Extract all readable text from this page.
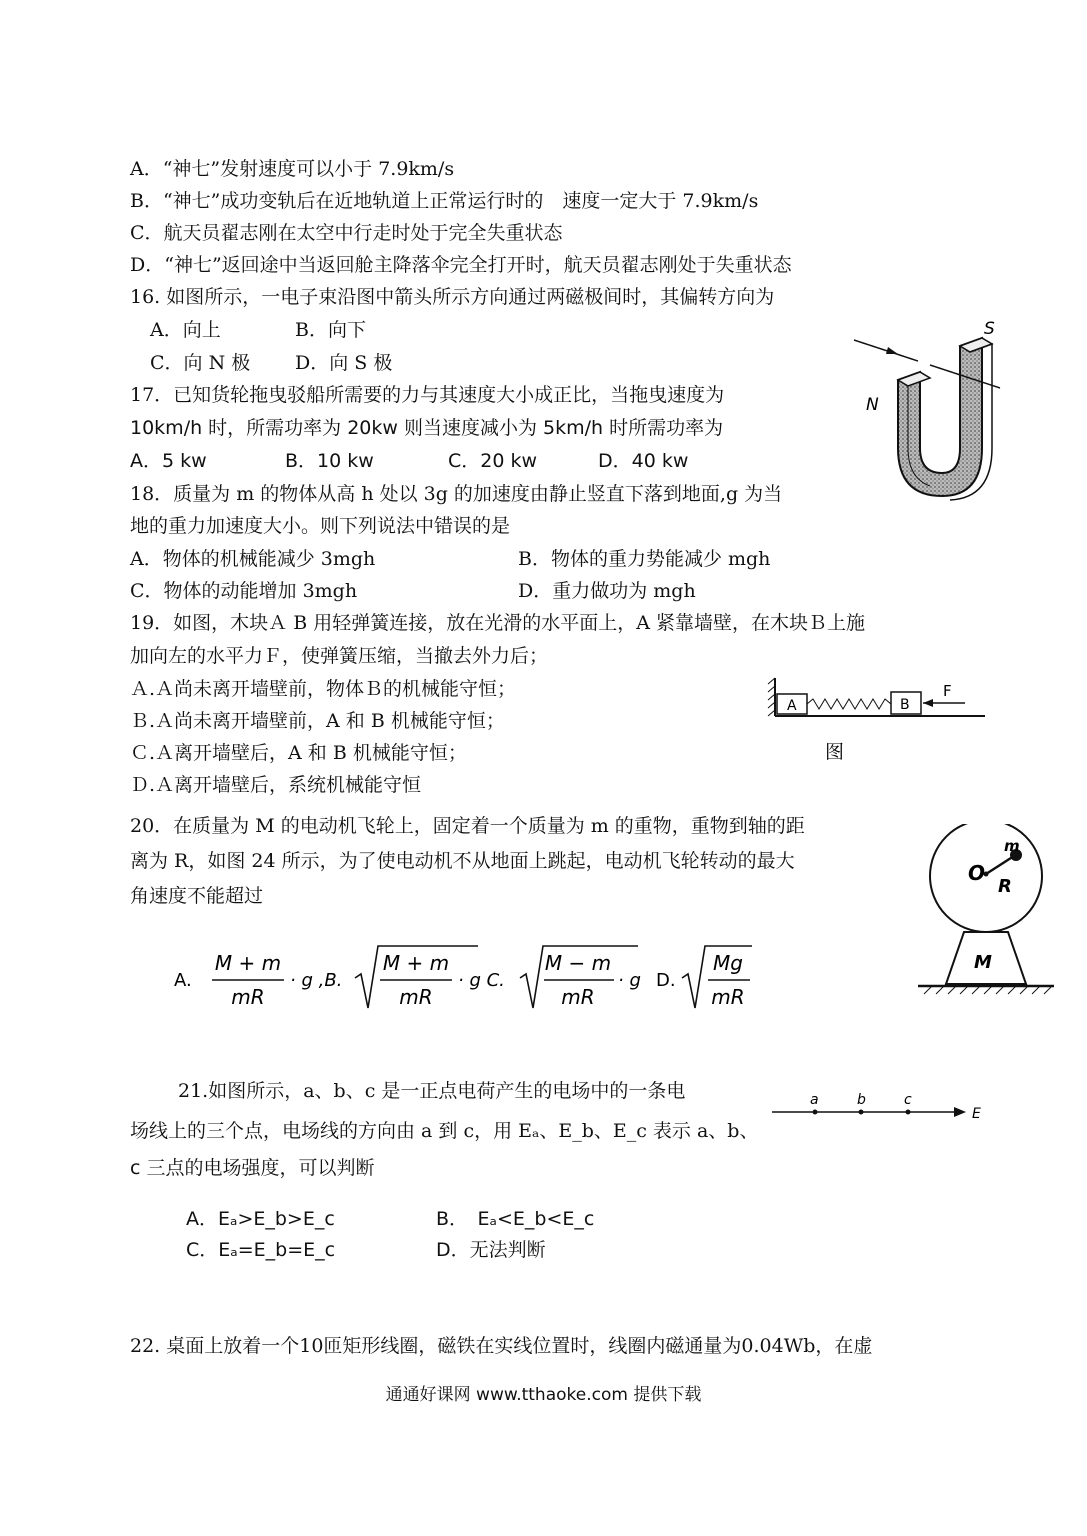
A．“神七”发射速度可以小于 7.9km/s
B．“神七”成功变轨后在近地轨道上正常运行时的　速度一定大于 7.9km/s
C．航天员翟志刚在太空中行走时处于完全失重状态
D．“神七”返回途中当返回舱主降落伞完全打开时，航天员翟志刚处于失重状态
16. 如图所示，一电子束沿图中箭头所示方向通过两磁极间时，其偏转方向为
A．向上	B．向下
C．向 N 极 D．向 S 极
N
S
17．已知货轮拖曳驳船所需要的力与其速度大小成正比，当拖曳速度为
10km/h 时，所需功率为 20kw 则当速度减小为 5km/h 时所需功率为
A．5 kw	B．10 kw	C．20 kw	D．40 kw
18．质量为 m 的物体从高 h 处以 3g 的加速度由静止竖直下落到地面,g 为当
地的重力加速度大小。则下列说法中错误的是
A．物体的机械能减少 3mgh	B．物体的重力势能减少 mgh
C．物体的动能增加 3mgh	D．重力做功为 mgh
19．如图，木块Ａ B 用轻弹簧连接，放在光滑的水平面上，A 紧靠墙壁，在木块Ｂ上施
加向左的水平力Ｆ，使弹簧压缩，当撤去外力后；
Ａ.Ａ尚未离开墙壁前，物体Ｂ的机械能守恒；
Ｂ.Ａ尚未离开墙壁前，A 和 B 机械能守恒；
Ｃ.Ａ离开墙壁后，A 和 B 机械能守恒；
Ｄ.Ａ离开墙壁后，系统机械能守恒
A	B
F
图
20．在质量为 M 的电动机飞轮上，固定着一个质量为 m 的重物，重物到轴的距
离为 R，如图 24 所示，为了使电动机不从地面上跳起，电动机飞轮转动的最大
角速度不能超过
O
m
R
M
A.
M + m
mR
· g ,B.
M + m
mR
· g C.
M − m
mR
· g D.
Mg
mR
21.如图所示，a、b、c 是一正点电荷产生的电场中的一条电
场线上的三个点，电场线的方向由 a 到 c，用 Eₐ、E_b、E_c 表示 a、b、
c 三点的电场强度，可以判断
a	b	c
E
A．Eₐ>E_b>E_c	B．　Eₐ<E_b<E_c
C．Eₐ=E_b=E_c	D．无法判断
22. 桌面上放着一个10匝矩形线圈，磁铁在实线位置时，线圈内磁通量为0.04Wb，在虚
通通好课网 www.tthaoke.com 提供下载
